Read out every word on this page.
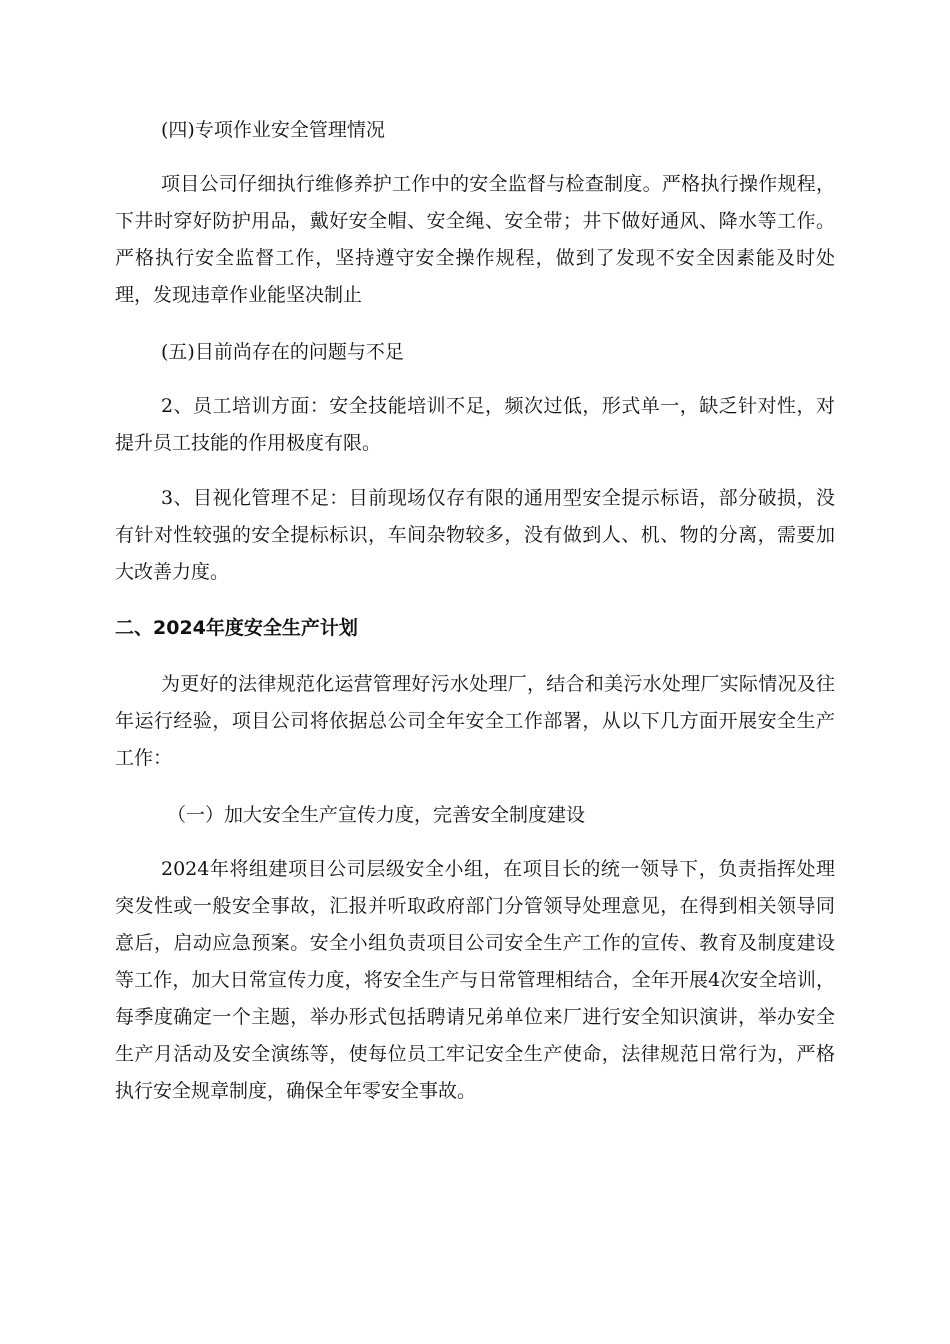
(四)专项作业安全管理情况

项目公司仔细执行维修养护工作中的安全监督与检查制度。严格执行操作规程，下井时穿好防护用品，戴好安全帽、安全绳、安全带；井下做好通风、降水等工作。严格执行安全监督工作，坚持遵守安全操作规程，做到了发现不安全因素能及时处理，发现违章作业能坚决制止

(五)目前尚存在的问题与不足

2、员工培训方面：安全技能培训不足，频次过低，形式单一，缺乏针对性，对提升员工技能的作用极度有限。

3、目视化管理不足：目前现场仅存有限的通用型安全提示标语，部分破损，没有针对性较强的安全提标标识，车间杂物较多，没有做到人、机、物的分离，需要加大改善力度。

二、2024年度安全生产计划

为更好的法律规范化运营管理好污水处理厂，结合和美污水处理厂实际情况及往年运行经验，项目公司将依据总公司全年安全工作部署，从以下几方面开展安全生产工作：

（一）加大安全生产宣传力度，完善安全制度建设

2024年将组建项目公司层级安全小组，在项目长的统一领导下，负责指挥处理突发性或一般安全事故，汇报并听取政府部门分管领导处理意见，在得到相关领导同意后，启动应急预案。安全小组负责项目公司安全生产工作的宣传、教育及制度建设等工作，加大日常宣传力度，将安全生产与日常管理相结合，全年开展4次安全培训，每季度确定一个主题，举办形式包括聘请兄弟单位来厂进行安全知识演讲，举办安全生产月活动及安全演练等，使每位员工牢记安全生产使命，法律规范日常行为，严格执行安全规章制度，确保全年零安全事故。
